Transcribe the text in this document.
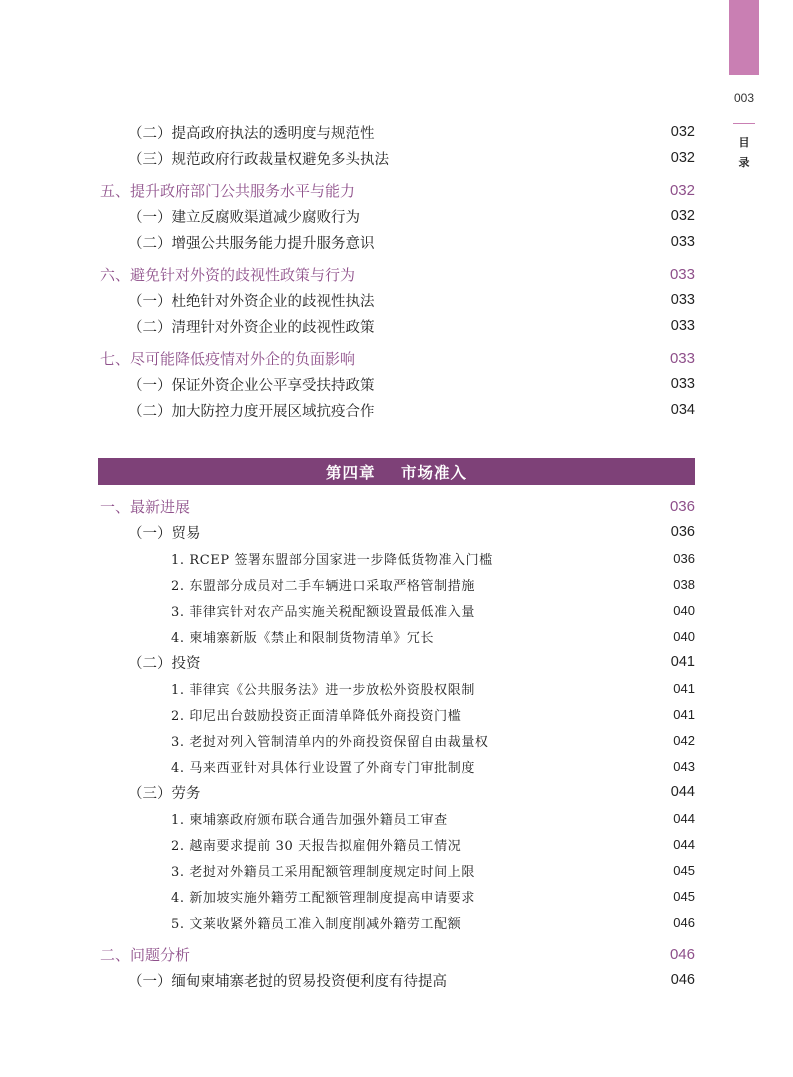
003
目
录
（二）提高政府执法的透明度与规范性	032
（三）规范政府行政裁量权避免多头执法	032
五、提升政府部门公共服务水平与能力	032
（一）建立反腐败渠道减少腐败行为	032
（二）增强公共服务能力提升服务意识	033
六、避免针对外资的歧视性政策与行为	033
（一）杜绝针对外资企业的歧视性执法	033
（二）清理针对外资企业的歧视性政策	033
七、尽可能降低疫情对外企的负面影响	033
（一）保证外资企业公平享受扶持政策	033
（二）加大防控力度开展区域抗疫合作	034
第四章    市场准入
一、最新进展	036
（一）贸易	036
1. RCEP 签署东盟部分国家进一步降低货物准入门槛	036
2. 东盟部分成员对二手车辆进口采取严格管制措施	038
3. 菲律宾针对农产品实施关税配额设置最低准入量	040
4. 柬埔寨新版《禁止和限制货物清单》冗长	040
（二）投资	041
1. 菲律宾《公共服务法》进一步放松外资股权限制	041
2. 印尼出台鼓励投资正面清单降低外商投资门槛	041
3. 老挝对列入管制清单内的外商投资保留自由裁量权	042
4. 马来西亚针对具体行业设置了外商专门审批制度	043
（三）劳务	044
1. 柬埔寨政府颁布联合通告加强外籍员工审查	044
2. 越南要求提前 30 天报告拟雇佣外籍员工情况	044
3. 老挝对外籍员工采用配额管理制度规定时间上限	045
4. 新加坡实施外籍劳工配额管理制度提高申请要求	045
5. 文莱收紧外籍员工准入制度削减外籍劳工配额	046
二、问题分析	046
（一）缅甸柬埔寨老挝的贸易投资便利度有待提高	046
